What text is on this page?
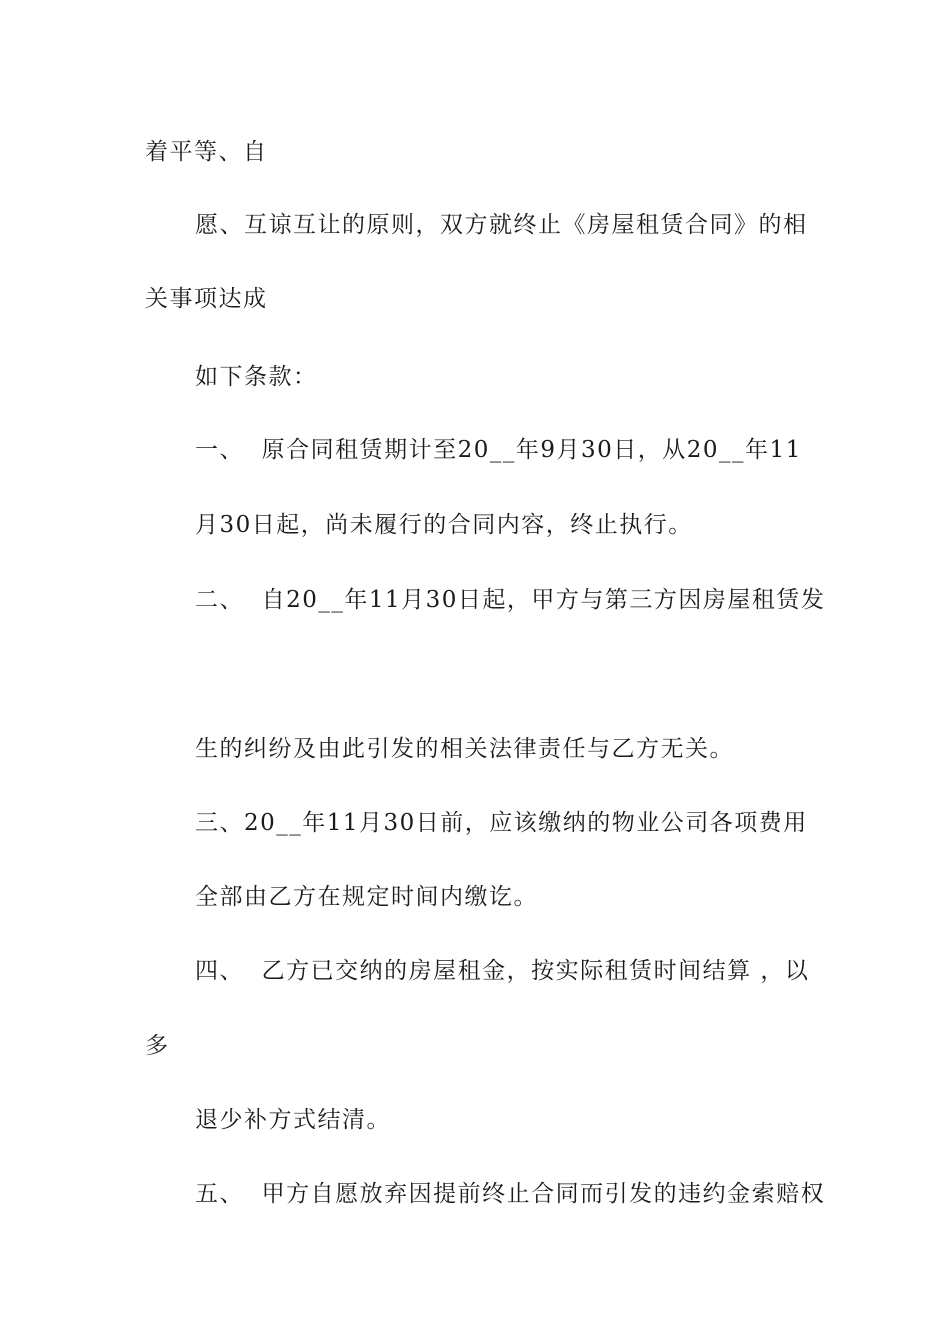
着平等、自
愿、互谅互让的原则，双方就终止《房屋租赁合同》的相
关事项达成
如下条款：
一、  原合同租赁期计至20__年9月30日，从20__年11
月30日起，尚未履行的合同内容，终止执行。
二、  自20__年11月30日起，甲方与第三方因房屋租赁发
生的纠纷及由此引发的相关法律责任与乙方无关。
三、20__年11月30日前，应该缴纳的物业公司各项费用
全部由乙方在规定时间内缴讫。
四、  乙方已交纳的房屋租金，按实际租赁时间结算 ，以
多
退少补方式结清。
五、  甲方自愿放弃因提前终止合同而引发的违约金索赔权
